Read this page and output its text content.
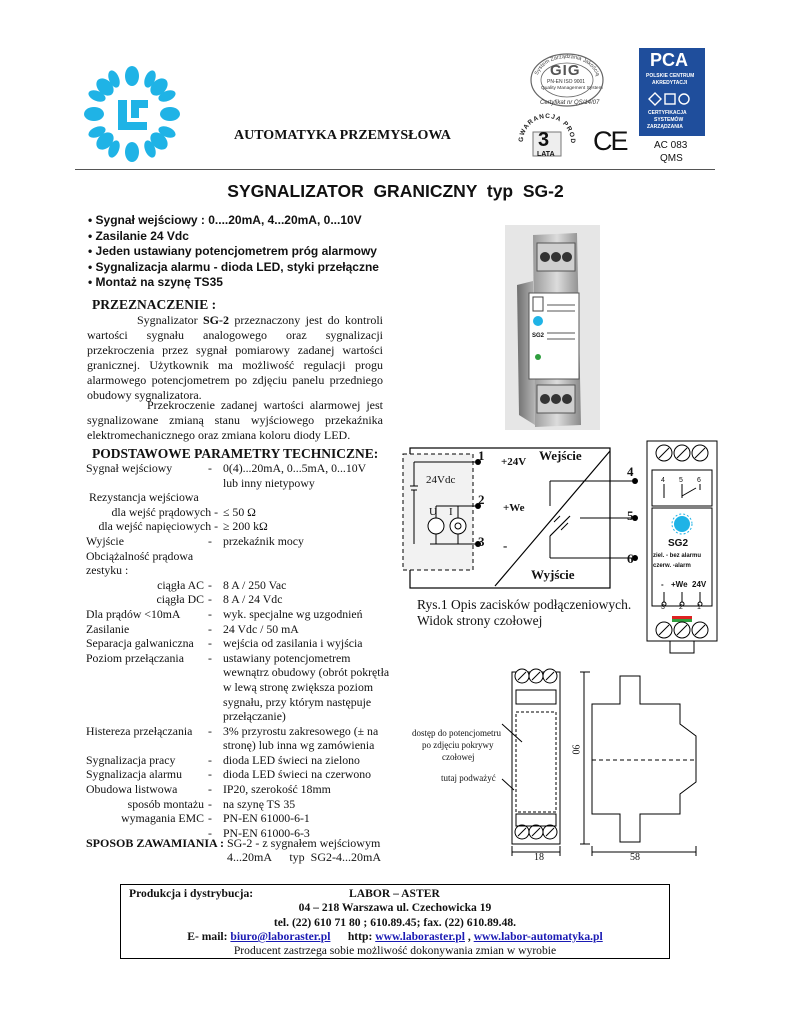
AUTOMATYKA PRZEMYSŁOWA
System Zarządzania Jakością
GIG
PN-EN ISO 9001
Quality Management System
Certyfikat nr QS/14/07
GWARANCJA PROD
3
LATA CE
PCA
POLSKIE CENTRUM
AKREDYTACJI
CERTYFIKACJA
SYSTEMÓW
ZARZĄDZANIA
AC 083
QMS
SYGNALIZATOR  GRANICZNY  typ  SG-2
• Sygnał wejściowy : 0....20mA, 4...20mA, 0...10V
• Zasilanie 24 Vdc
• Jeden ustawiany potencjometrem próg alarmowy
• Sygnalizacja alarmu - dioda LED, styki przełączne
• Montaż na szynę TS35
PRZEZNACZENIE :
Sygnalizator SG-2 przeznaczony jest do kontroli wartości sygnału analogowego oraz sygnalizacji przekroczenia przez sygnał pomiarowy zadanej wartości granicznej. Użytkownik ma możliwość regulacji progu alarmowego potencjometrem po zdjęciu panelu przedniego obudowy sygnalizatora.
Przekroczenie zadanej wartości alarmowej jest sygnalizowane zmianą stanu wyjściowego przekaźnika elektromechanicznego oraz zmiana koloru diody LED.
PODSTAWOWE PARAMETRY TECHNICZNE:
Sygnał wejściowy	- 0(4)...20mA, 0...5mA, 0...10V
lub inny nietypowy
Rezystancja wejściowa
dla wejść prądowych - ≤ 50 Ω
dla wejść napięciowych - ≥ 200 kΩ
Wyjście	- przekaźnik mocy
Obciążalność prądowa
zestyku :
ciągła AC - 8 A / 250 Vac
ciągła DC - 8 A / 24 Vdc
Dla prądów <10mA	- wyk. specjalne wg uzgodnień
Zasilanie	- 24 Vdc / 50 mA
Separacja galwaniczna	- wejścia od zasilania i wyjścia
Poziom przełączania	- ustawiany potencjometrem
wewnątrz obudowy (obrót pokrętła
w lewą stronę zwiększa poziom
sygnału, przy którym następuje
przełączanie)
Histereza przełączania	- 3% przyrostu zakresowego (± na
stronę) lub inna wg zamówienia
Sygnalizacja pracy	- dioda LED świeci na zielono
Sygnalizacja alarmu	- dioda LED świeci na czerwono
Obudowa listwowa	- IP20, szerokość 18mm
sposób montażu - na szynę TS 35
wymagania EMC - PN-EN 61000-6-1
- PN-EN 61000-6-3
SPOSOB ZAWAMIANIA : SG-2 - z sygnałem wejściowym
4...20mA      typ  SG2-4...20mA
SG2
24Vdc
Wejście
Wyjście
1 +24V
2
+We
3 -
4
5
6
U I
Rys.1 Opis zacisków podłączeniowych.
Widok strony czołowej
4 5 6
SG2
ziel. - bez alarmu
czerw. -alarm
- +We 24V
3 2 1
dostęp do potencjometru
po zdjęciu pokrywy
czołowej
tutaj podważyć
90
18	58
Produkcja i dystrybucja:	LABOR – ASTER
04 – 218 Warszawa ul. Czechowicka 19
tel. (22) 610 71 80 ; 610.89.45; fax. (22) 610.89.48.
E- mail: biuro@laboraster.pl http: www.laboraster.pl , www.labor-automatyka.pl
Producent zastrzega sobie możliwość dokonywania zmian w wyrobie
